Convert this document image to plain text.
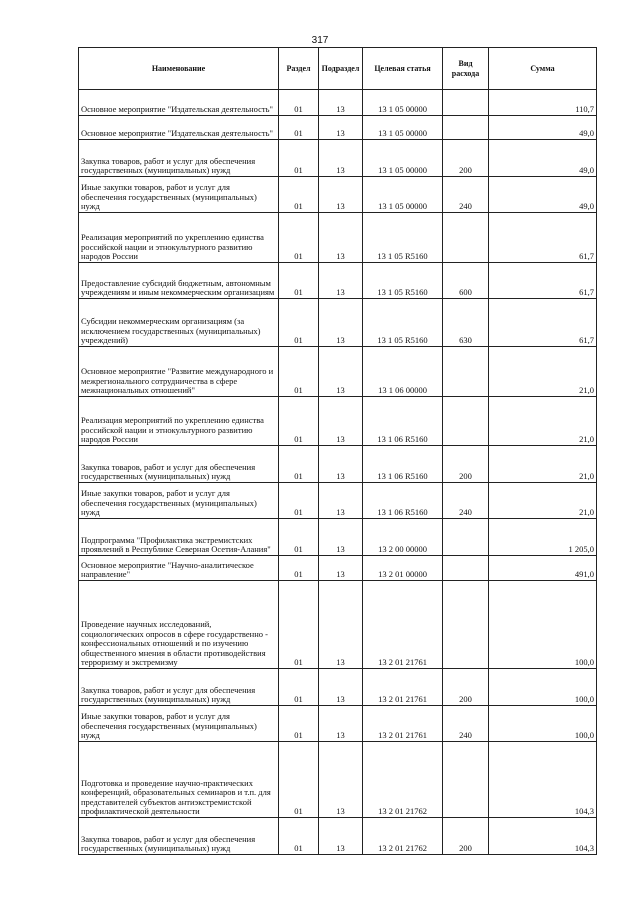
317
Наименование	Раздел	Подраздел	Целевая статья	Вид расхода	Сумма
Основное мероприятие "Издательская деятельность"	01	13	13 1 05 00000		110,7
Основное мероприятие "Издательская деятельность"	01	13	13 1 05 00000		49,0
Закупка товаров, работ и услуг для обеспечения государственных (муниципальных) нужд	01	13	13 1 05 00000	200	49,0
Иные закупки товаров, работ и услуг для обеспечения государственных (муниципальных) нужд	01	13	13 1 05 00000	240	49,0
Реализация мероприятий по укреплению единства российской нации и этнокультурного развитию народов России	01	13	13 1 05 R5160		61,7
Предоставление субсидий бюджетным, автономным учреждениям и иным некоммерческим организациям	01	13	13 1 05 R5160	600	61,7
Субсидии некоммерческим организациям (за исключением государственных (муниципальных) учреждений)	01	13	13 1 05 R5160	630	61,7
Основное мероприятие "Развитие международного и межрегионального сотрудничества в сфере межнациональных отношений"	01	13	13 1 06 00000		21,0
Реализация мероприятий по укреплению единства российской нации и этнокультурного развитию народов России	01	13	13 1 06 R5160		21,0
Закупка товаров, работ и услуг для обеспечения государственных (муниципальных) нужд	01	13	13 1 06 R5160	200	21,0
Иные закупки товаров, работ и услуг для обеспечения государственных (муниципальных) нужд	01	13	13 1 06 R5160	240	21,0
Подпрограмма "Профилактика экстремистских проявлений в Республике Северная Осетия-Алания"	01	13	13 2 00 00000		1 205,0
Основное мероприятие "Научно-аналитическое направление"	01	13	13 2 01 00000		491,0
Проведение научных исследований, социологических опросов в сфере государственно - конфессиональных отношений и по изучению общественного мнения в области противодействия терроризму и экстремизму	01	13	13 2 01 21761		100,0
Закупка товаров, работ и услуг для обеспечения государственных (муниципальных) нужд	01	13	13 2 01 21761	200	100,0
Иные закупки товаров, работ и услуг для обеспечения государственных (муниципальных) нужд	01	13	13 2 01 21761	240	100,0
Подготовка и проведение научно-практических конференций, образовательных семинаров и т.п. для представителей субъектов антиэкстремистской профилактической деятельности	01	13	13 2 01 21762		104,3
Закупка товаров, работ и услуг для обеспечения государственных (муниципальных) нужд	01	13	13 2 01 21762	200	104,3
